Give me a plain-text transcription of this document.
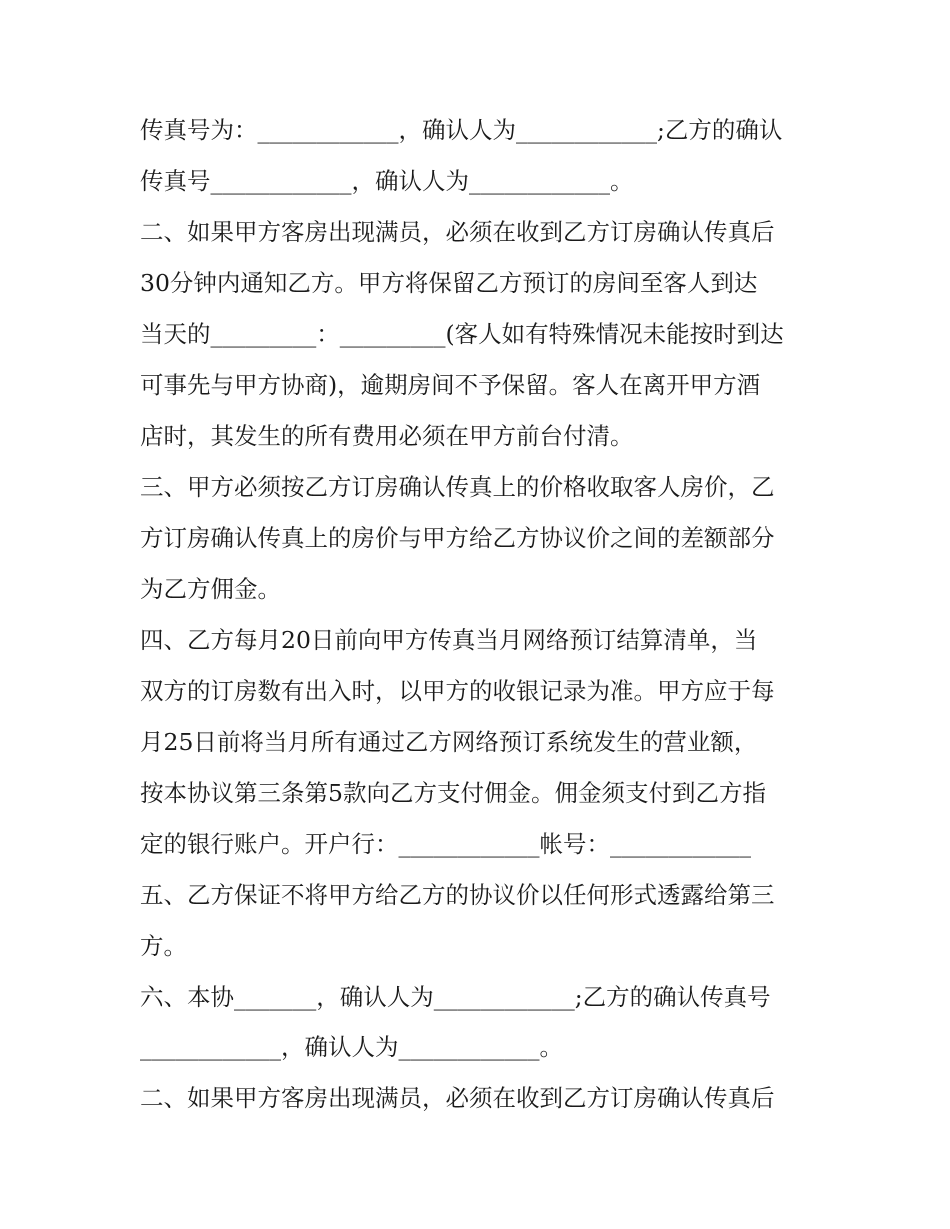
传真号为：____________，确认人为____________;乙方的确认
传真号____________，确认人为____________。
二、如果甲方客房出现满员，必须在收到乙方订房确认传真后
30分钟内通知乙方。甲方将保留乙方预订的房间至客人到达
当天的_________：_________(客人如有特殊情况未能按时到达
可事先与甲方协商)，逾期房间不予保留。客人在离开甲方酒
店时，其发生的所有费用必须在甲方前台付清。
三、甲方必须按乙方订房确认传真上的价格收取客人房价，乙
方订房确认传真上的房价与甲方给乙方协议价之间的差额部分
为乙方佣金。
四、乙方每月20日前向甲方传真当月网络预订结算清单，当
双方的订房数有出入时，以甲方的收银记录为准。甲方应于每
月25日前将当月所有通过乙方网络预订系统发生的营业额，
按本协议第三条第5款向乙方支付佣金。佣金须支付到乙方指
定的银行账户。开户行：____________帐号：____________
五、乙方保证不将甲方给乙方的协议价以任何形式透露给第三
方。
六、本协_______，确认人为____________;乙方的确认传真号
____________，确认人为____________。
二、如果甲方客房出现满员，必须在收到乙方订房确认传真后
